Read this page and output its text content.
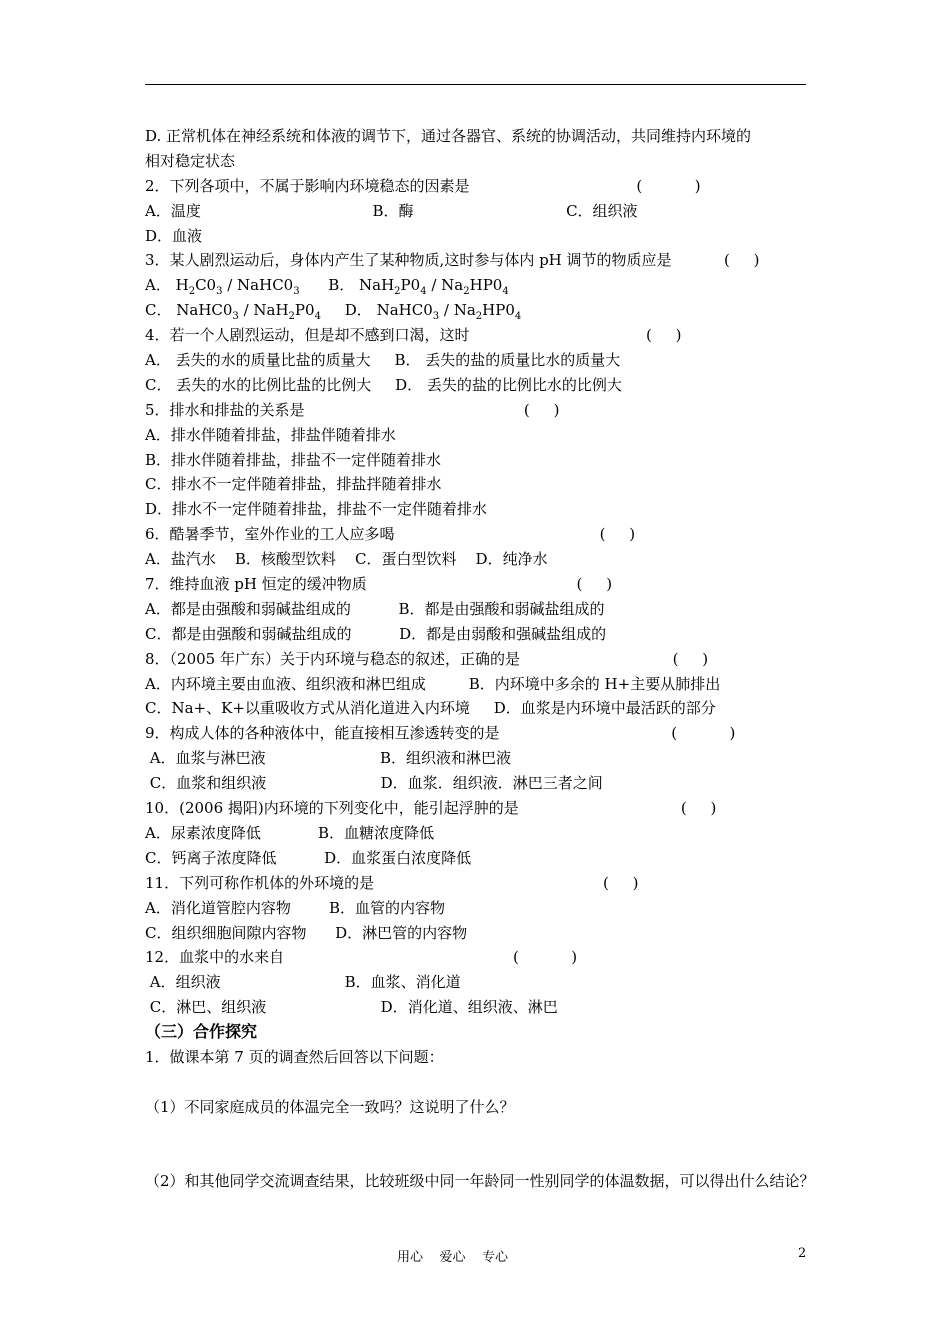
D. 正常机体在神经系统和体液的调节下，通过各器官、系统的协调活动，共同维持内环境的
相对稳定状态
2．下列各项中，不属于影响内环境稳态的因素是                                   (           )
A．温度                                    B．酶                                C．组织液
D．血液
3．某人剧烈运动后，身体内产生了某种物质,这时参与体内 pH 调节的物质应是           (     )
A． $H_2C0_3$ / $NaHC0_3$      B． $NaH_2P0_4 / Na_2HP0_4$
C． $NaHC0_3 / NaH_2P0_4$     D． $NaHC0_3 / Na_2HP0_4$
4．若一个人剧烈运动，但是却不感到口渴，这时                                     (     )
A． 丢失的水的质量比盐的质量大     B． 丢失的盐的质量比水的质量大
C． 丢失的水的比例比盐的比例大     D． 丢失的盐的比例比水的比例大
5．排水和排盐的关系是                                              (     )
A．排水伴随着排盐，排盐伴随着排水
B．排水伴随着排盐，排盐不一定伴随着排水
C．排水不一定伴随着排盐，排盐拌随着排水
D．排水不一定伴随着排盐，排盐不一定伴随着排水
6．酷暑季节，室外作业的工人应多喝                                           (     )
A．盐汽水    B．核酸型饮料    C．蛋白型饮料    D．纯净水
7．维持血液 pH 恒定的缓冲物质                                            (     )
A．都是由强酸和弱碱盐组成的          B．都是由强酸和弱碱盐组成的
C．都是由强酸和弱碱盐组成的          D．都是由弱酸和强碱盐组成的
8．（2005 年广东）关于内环境与稳态的叙述，正确的是                                (     )
A．内环境主要由血液、组织液和淋巴组成         B．内环境中多余的 H+主要从肺排出
C．Na+、K+以重吸收方式从消化道进入内环境     D．血浆是内环境中最活跃的部分
9．构成人体的各种液体中，能直接相互渗透转变的是                                    (           )
A．血浆与淋巴液                        B．组织液和淋巴液
C．血浆和组织液                        D．血浆．组织液．淋巴三者之间
10．(2006 揭阳)内环境的下列变化中，能引起浮肿的是                                  (     )
A．尿素浓度降低            B．血糖浓度降低
C．钙离子浓度降低          D．血浆蛋白浓度降低
11．下列可称作机体的外环境的是                                                (     )
A．消化道管腔内容物        B．血管的内容物
C．组织细胞间隙内容物      D．淋巴管的内容物
12．血浆中的水来自                                                (           )
A．组织液                          B．血浆、消化道
C．淋巴、组织液                        D．消化道、组织液、淋巴
（三）合作探究
1．做课本第 7 页的调查然后回答以下问题：
（1）不同家庭成员的体温完全一致吗？这说明了什么？
（2）和其他同学交流调查结果，比较班级中同一年龄同一性别同学的体温数据，可以得出什么结论？
用心    爱心    专心	2
